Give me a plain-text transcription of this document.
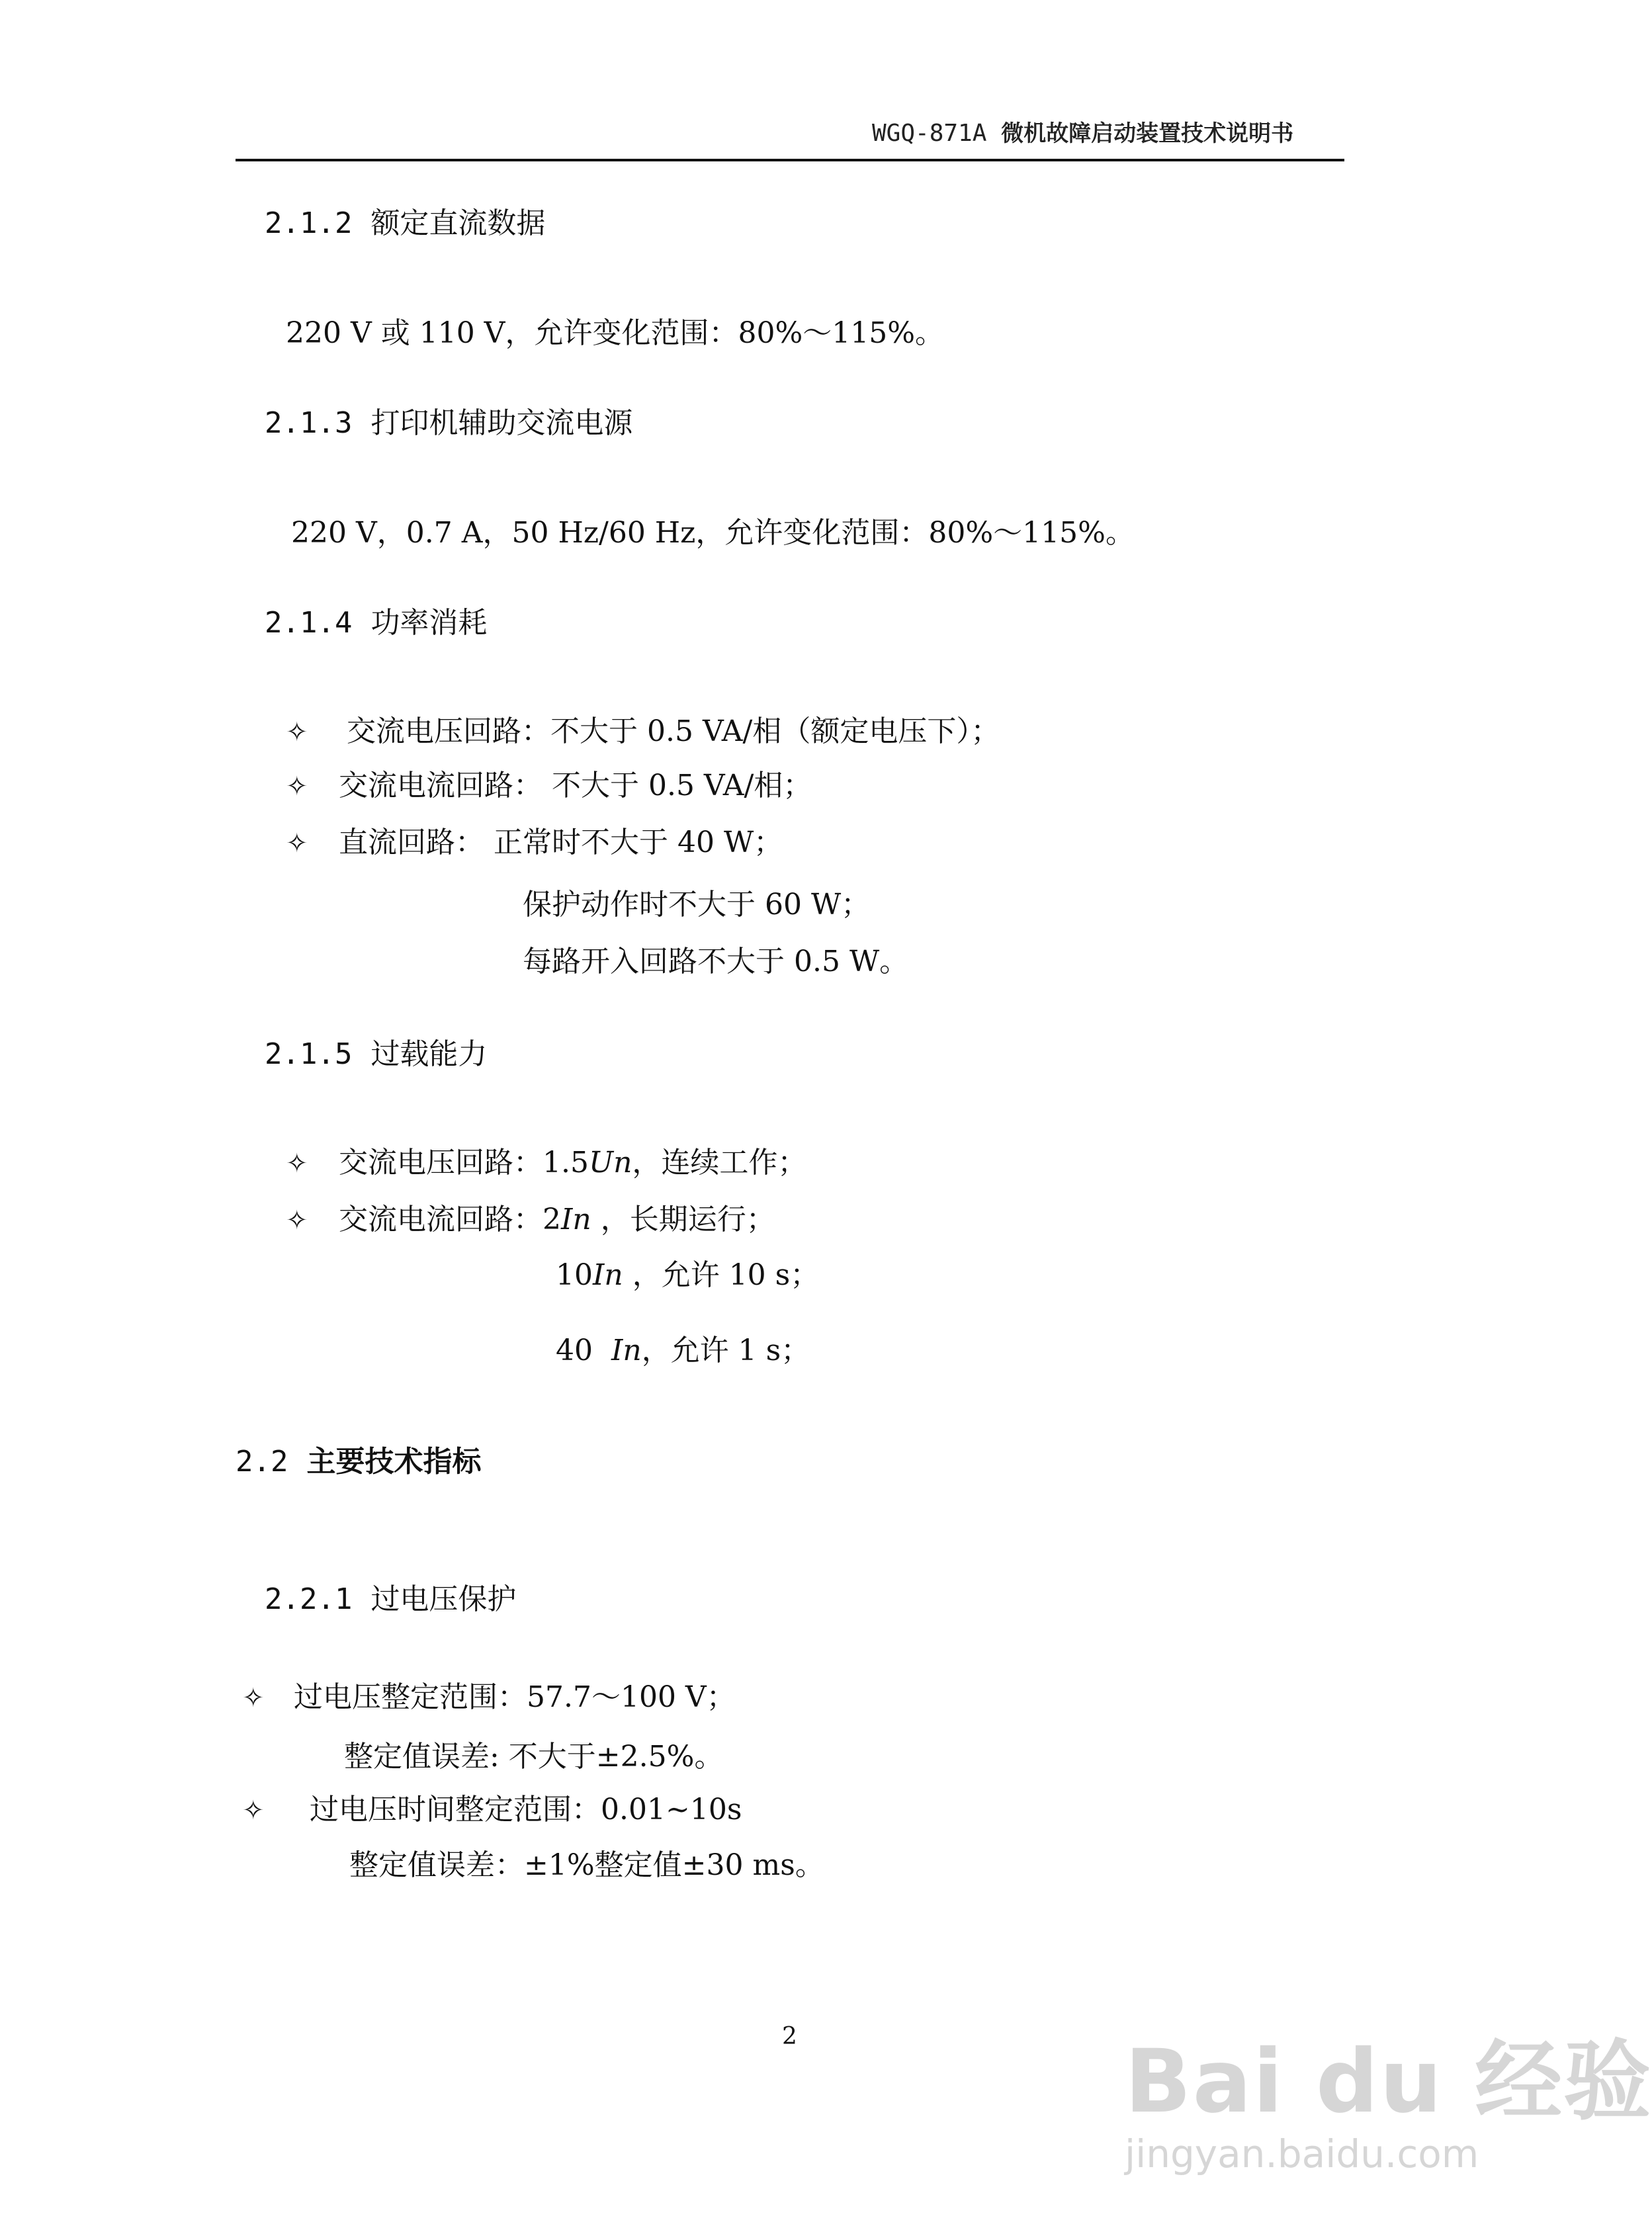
WGQ-871A 微机故障启动装置技术说明书
2.1.2 额定直流数据
220 V 或 110 V，允许变化范围：80%～115%。
2.1.3 打印机辅助交流电源
220 V，0.7 A，50 Hz/60 Hz，允许变化范围：80%～115%。
2.1.4 功率消耗
✧ 交流电压回路：不大于 0.5 VA/相（额定电压下）；
✧ 交流电流回路： 不大于 0.5 VA/相；
✧ 直流回路： 正常时不大于 40 W；
保护动作时不大于 60 W；
每路开入回路不大于 0.5 W。
2.1.5 过载能力
✧ 交流电压回路：1.5Un，连续工作；
✧ 交流电流回路：2In ，长期运行；
10In ，允许 10 s；
40  In，允许 1 s；
2.2 主要技术指标
2.2.1 过电压保护
✧ 过电压整定范围：57.7～100 V；
整定值误差: 不大于±2.5%。
✧ 过电压时间整定范围：0.01~10s
整定值误差：±1%整定值±30 ms。
2	Bai du 经验
jingyan.baidu.com
